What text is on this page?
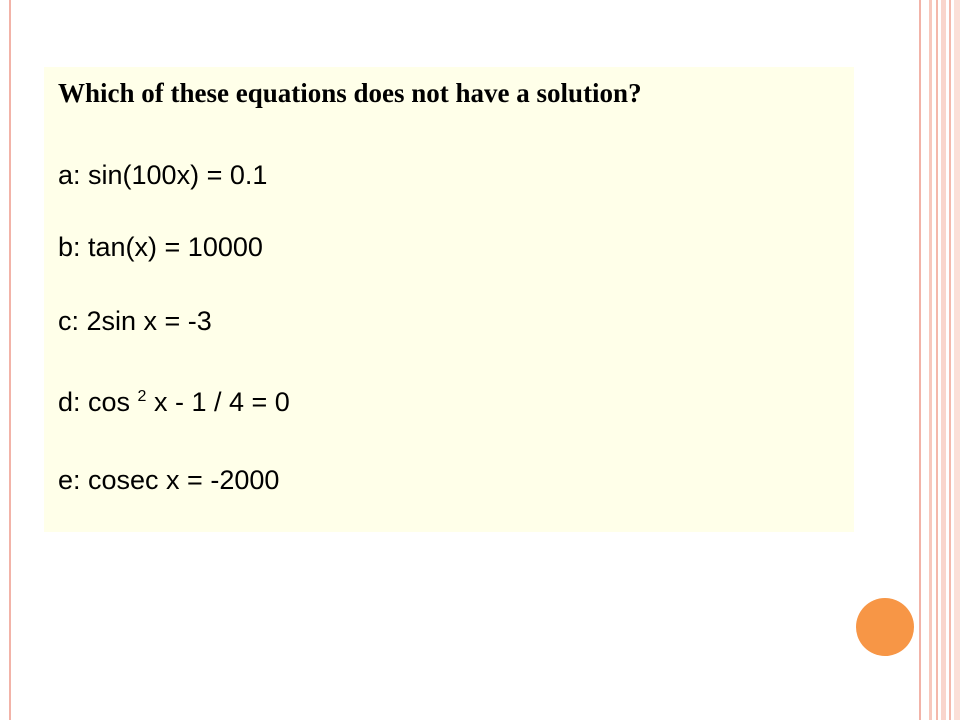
Which of these equations does not have a solution?
a: sin(100x) = 0.1
b: tan(x) = 10000
c: 2sin x = -3
d: cos $^2$ x - 1 / 4 = 0
e: cosec x = -2000
